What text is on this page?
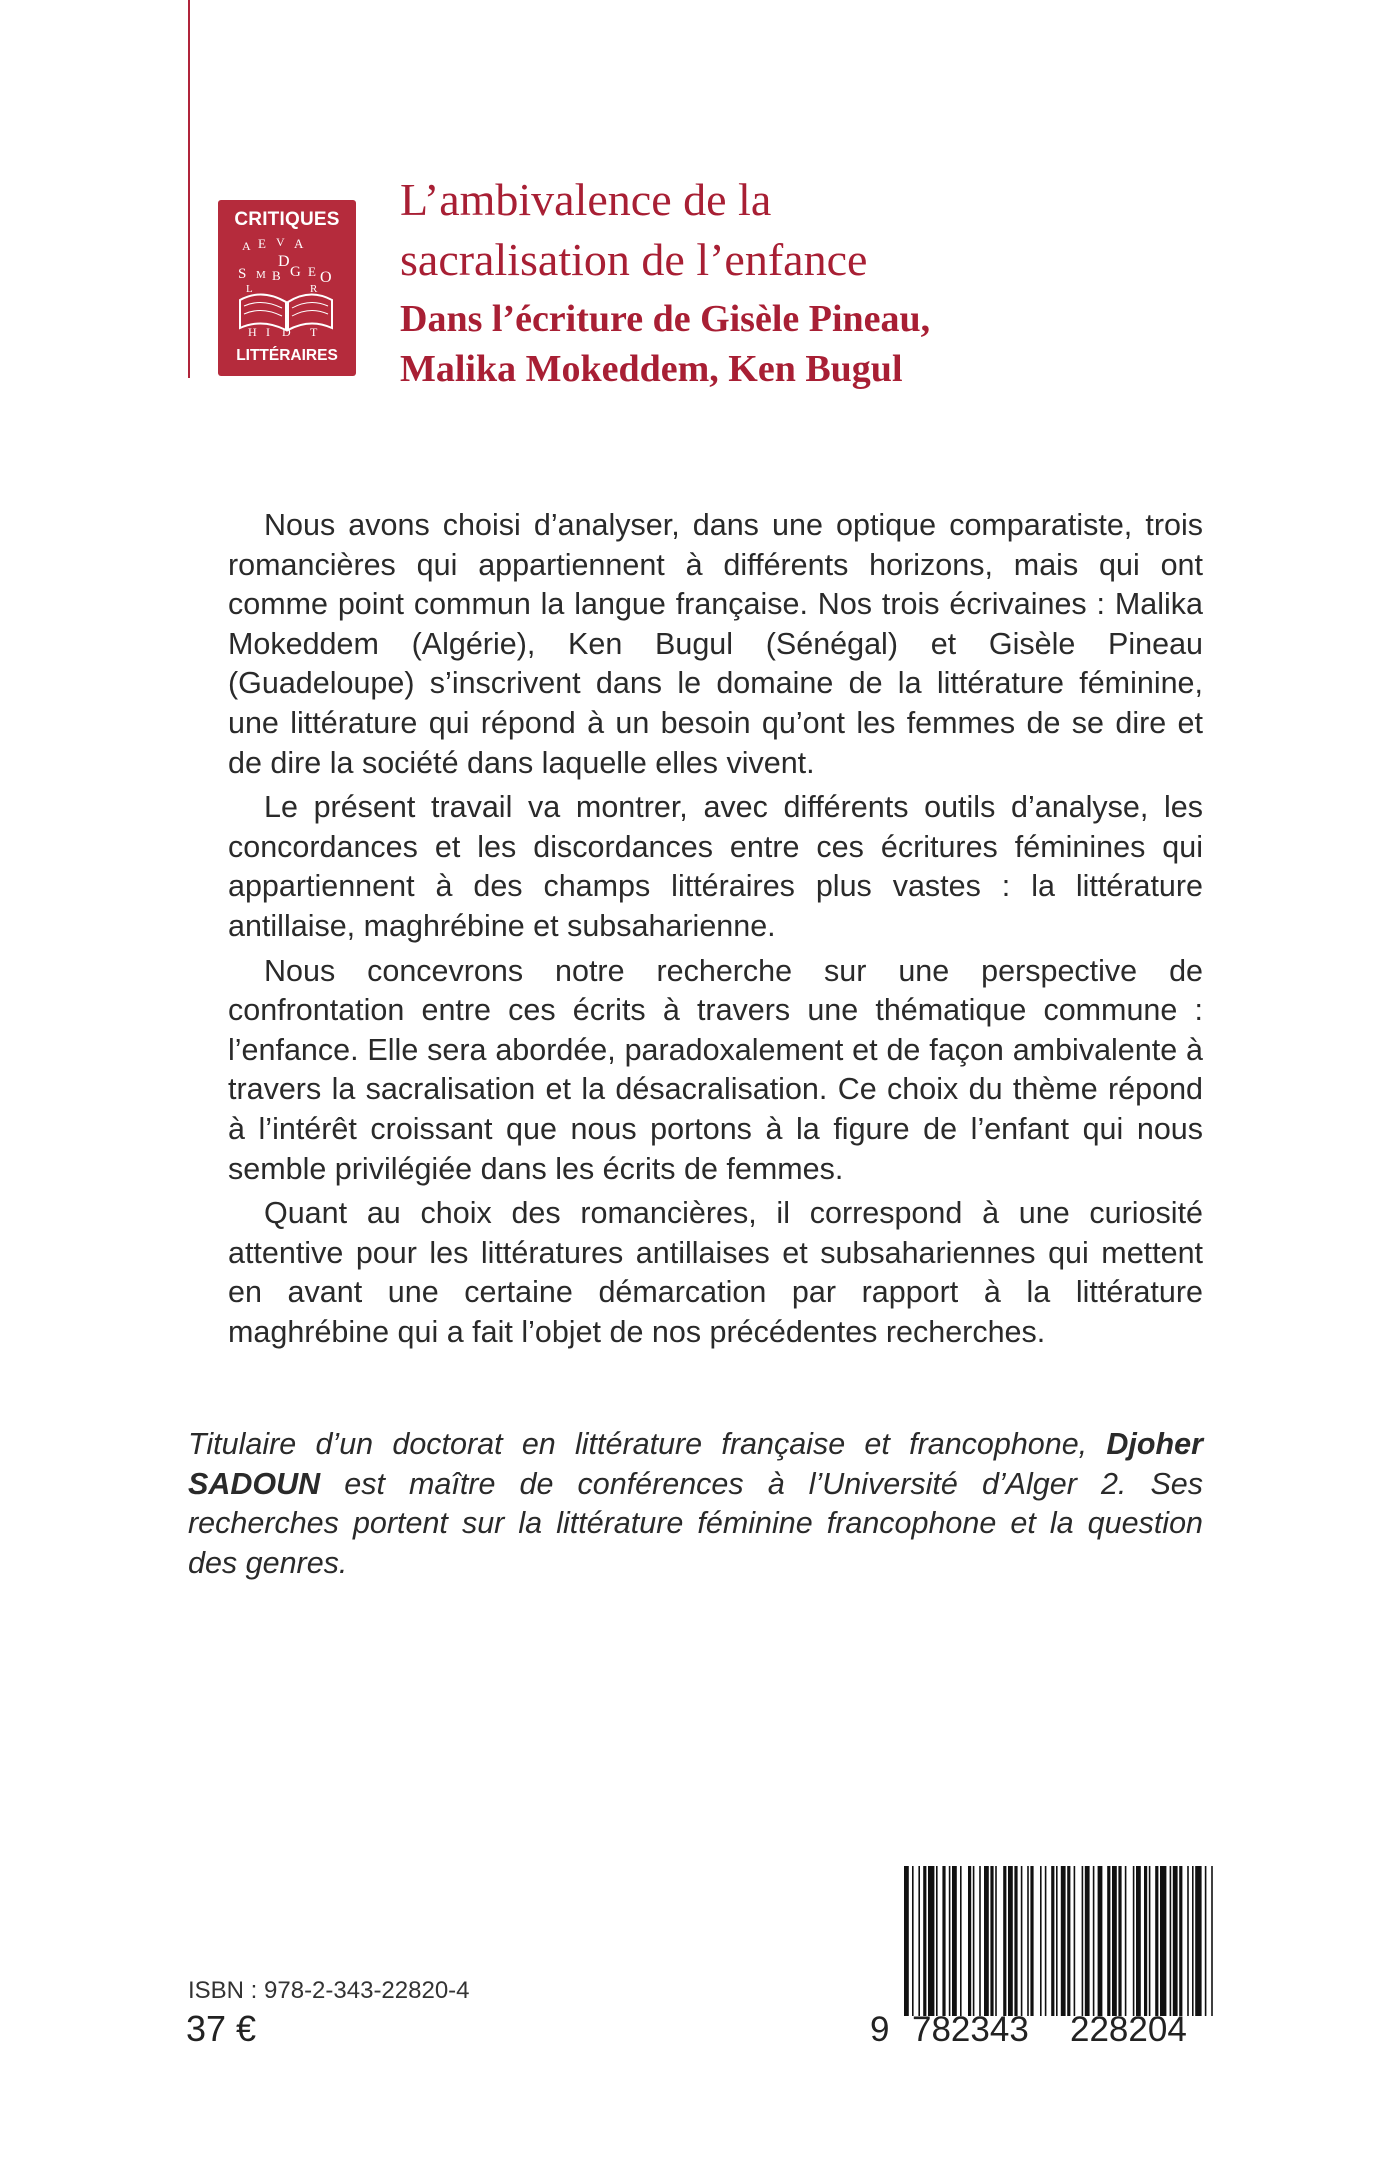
CRITIQUES
A E V A
D
S M B G E O
L	R
H I D T
LITTÉRAIRES
L’ambivalence de la
sacralisation de l’enfance
Dans l’écriture de Gisèle Pineau,
Malika Mokeddem, Ken Bugul

Nous avons choisi d’analyser, dans une optique comparatiste, trois romancières qui appartiennent à différents horizons, mais qui ont comme point commun la langue française. Nos trois écrivaines : Malika Mokeddem (Algérie), Ken Bugul (Sénégal) et Gisèle Pineau (Guadeloupe) s’inscrivent dans le domaine de la littérature féminine, une littérature qui répond à un besoin qu’ont les femmes de se dire et de dire la société dans laquelle elles vivent.

Le présent travail va montrer, avec différents outils d’analyse, les concordances et les discordances entre ces écritures féminines qui appartiennent à des champs littéraires plus vastes : la littérature antillaise, maghrébine et subsaharienne.

Nous concevrons notre recherche sur une perspective de confrontation entre ces écrits à travers une thématique commune : l’enfance. Elle sera abordée, paradoxalement et de façon ambivalente à travers la sacralisation et la désacralisation. Ce choix du thème répond à l’intérêt croissant que nous portons à la figure de l’enfant qui nous semble privilégiée dans les écrits de femmes.

Quant au choix des romancières, il correspond à une curiosité attentive pour les littératures antillaises et subsahariennes qui mettent en avant une certaine démarcation par rapport à la littérature maghrébine qui a fait l’objet de nos précédentes recherches.

Titulaire d’un doctorat en littérature française et francophone, Djoher SADOUN est maître de conférences à l’Université d’Alger 2. Ses recherches portent sur la littérature féminine francophone et la question des genres.
9 782343 228204
ISBN : 978-2-343-22820-4
37 €
